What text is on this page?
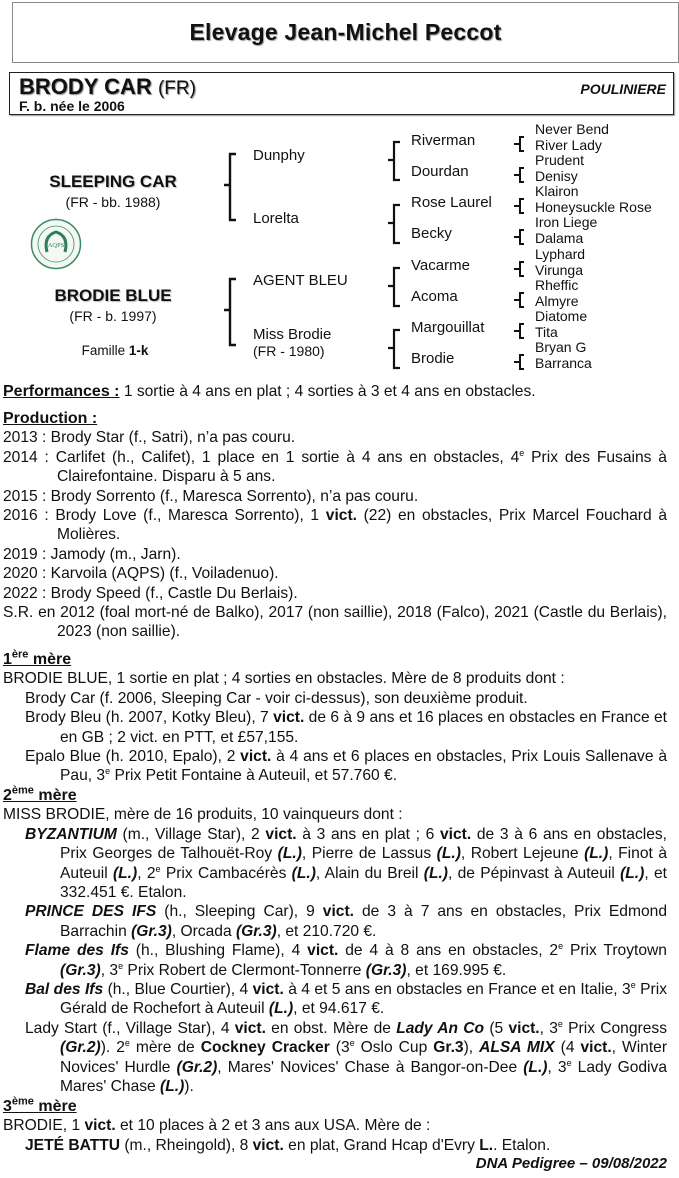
Elevage Jean-Michel Peccot
BRODY CAR (FR)
F. b. née le 2006
POULINIERE
SLEEPING CAR
(FR - bb. 1988)
AQPS
BRODIE BLUE
(FR - b. 1997)
Famille 1-k
Dunphy
Lorelta
AGENT BLEU
Miss Brodie
(FR - 1980)
Riverman
Dourdan
Rose Laurel
Becky
Vacarme
Acoma
Margouillat
Brodie
Never Bend
River Lady
Prudent
Denisy
Klairon
Honeysuckle Rose
Iron Liege
Dalama
Lyphard
Virunga
Rheffic
Almyre
Diatome
Tita
Bryan G
Barranca
Performances : 1 sortie à 4 ans en plat ; 4 sorties à 3 et 4 ans en obstacles.
Production :
2013 : Brody Star (f., Satri), n’a pas couru.
2014 : Carlifet (h., Califet), 1 place en 1 sortie à 4 ans en obstacles, 4e Prix des Fusains à Clairefontaine. Disparu à 5 ans.
2015 : Brody Sorrento (f., Maresca Sorrento), n’a pas couru.
2016 : Brody Love (f., Maresca Sorrento), 1 vict. (22) en obstacles, Prix Marcel Fouchard à Molières.
2019 : Jamody (m., Jarn).
2020 : Karvoila (AQPS) (f., Voiladenuo).
2022 : Brody Speed (f., Castle Du Berlais).
S.R. en 2012 (foal mort-né de Balko), 2017 (non saillie), 2018 (Falco), 2021 (Castle du Berlais), 2023 (non saillie).
1ère mère
BRODIE BLUE, 1 sortie en plat ; 4 sorties en obstacles. Mère de 8 produits dont :
Brody Car (f. 2006, Sleeping Car - voir ci-dessus), son deuxième produit.
Brody Bleu (h. 2007, Kotky Bleu), 7 vict. de 6 à 9 ans et 16 places en obstacles en France et en GB ; 2 vict. en PTT, et £57,155.
Epalo Blue (h. 2010, Epalo), 2 vict. à 4 ans et 6 places en obstacles, Prix Louis Sallenave à Pau, 3e Prix Petit Fontaine à Auteuil, et 57.760 €.
2ème mère
MISS BRODIE, mère de 16 produits, 10 vainqueurs dont :
BYZANTIUM (m., Village Star), 2 vict. à 3 ans en plat ; 6 vict. de 3 à 6 ans en obstacles, Prix Georges de Talhouët-Roy (L.), Pierre de Lassus (L.), Robert Lejeune (L.), Finot à Auteuil (L.), 2e Prix Cambacérès (L.), Alain du Breil (L.), de Pépinvast à Auteuil (L.), et 332.451 €. Etalon.
PRINCE DES IFS (h., Sleeping Car), 9 vict. de 3 à 7 ans en obstacles, Prix Edmond Barrachin (Gr.3), Orcada (Gr.3), et 210.720 €.
Flame des Ifs (h., Blushing Flame), 4 vict. de 4 à 8 ans en obstacles, 2e Prix Troytown (Gr.3), 3e Prix Robert de Clermont-Tonnerre (Gr.3), et 169.995 €.
Bal des Ifs (h., Blue Courtier), 4 vict. à 4 et 5 ans en obstacles en France et en Italie, 3e Prix Gérald de Rochefort à Auteuil (L.), et 94.617 €.
Lady Start (f., Village Star), 4 vict. en obst. Mère de Lady An Co (5 vict., 3e Prix Congress (Gr.2)). 2e mère de Cockney Cracker (3e Oslo Cup Gr.3), ALSA MIX (4 vict., Winter Novices' Hurdle (Gr.2), Mares' Novices' Chase à Bangor-on-Dee (L.), 3e Lady Godiva Mares' Chase (L.)).
3ème mère
BRODIE, 1 vict. et 10 places à 2 et 3 ans aux USA. Mère de :
JETÉ BATTU (m., Rheingold), 8 vict. en plat, Grand Hcap d'Evry L.. Etalon.
DNA Pedigree – 09/08/2022
